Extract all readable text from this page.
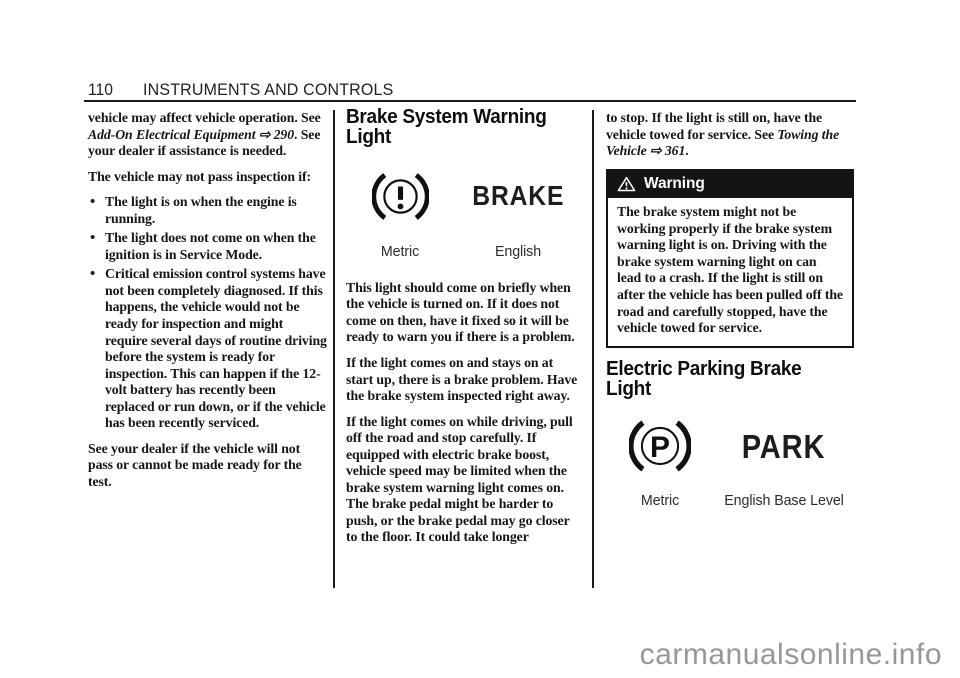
110 INSTRUMENTS AND CONTROLS

vehicle may affect vehicle operation. See Add-On Electrical Equipment ⇨ 290. See your dealer if assistance is needed.

The vehicle may not pass inspection if:

• The light is on when the engine is running.
• The light does not come on when the ignition is in Service Mode.
• Critical emission control systems have not been completely diagnosed. If this happens, the vehicle would not be ready for inspection and might require several days of routine driving before the system is ready for inspection. This can happen if the 12-volt battery has recently been replaced or run down, or if the vehicle has been recently serviced.

See your dealer if the vehicle will not pass or cannot be made ready for the test.

Brake System Warning Light
BRAKE
Metric	English

This light should come on briefly when the vehicle is turned on. If it does not come on then, have it fixed so it will be ready to warn you if there is a problem.

If the light comes on and stays on at start up, there is a brake problem. Have the brake system inspected right away.

If the light comes on while driving, pull off the road and stop carefully. If equipped with electric brake boost, vehicle speed may be limited when the brake system warning light comes on. The brake pedal might be harder to push, or the brake pedal may go closer to the floor. It could take longer

to stop. If the light is still on, have the vehicle towed for service. See Towing the Vehicle ⇨ 361.

Warning

The brake system might not be working properly if the brake system warning light is on. Driving with the brake system warning light on can lead to a crash. If the light is still on after the vehicle has been pulled off the road and carefully stopped, have the vehicle towed for service.

Electric Parking Brake Light
P PARK
Metric	English Base Level
carmanualsonline.info
